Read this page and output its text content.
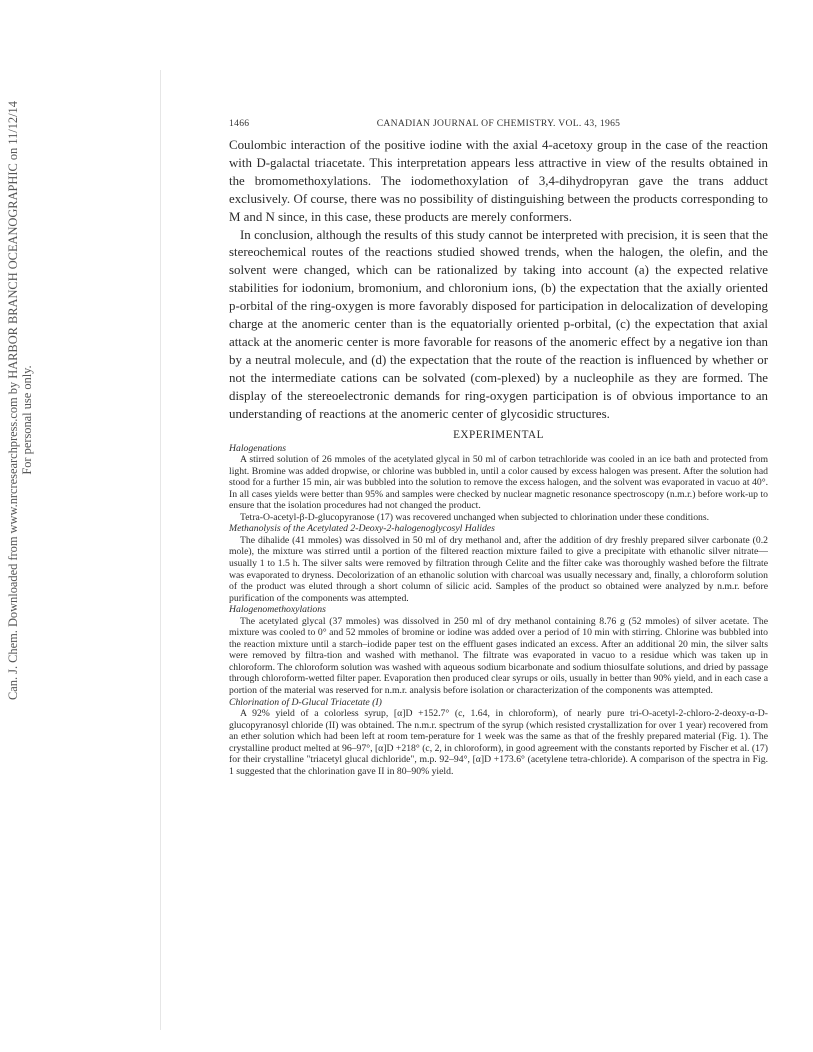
Can. J. Chem. Downloaded from www.nrcresearchpress.com by HARBOR BRANCH OCEANOGRAPHIC on 11/12/14 For personal use only.
1466	CANADIAN JOURNAL OF CHEMISTRY. VOL. 43, 1965

Coulombic interaction of the positive iodine with the axial 4-acetoxy group in the case of the reaction with D-galactal triacetate. This interpretation appears less attractive in view of the results obtained in the bromomethoxylations. The iodomethoxylation of 3,4-dihydropyran gave the trans adduct exclusively. Of course, there was no possibility of distinguishing between the products corresponding to M and N since, in this case, these products are merely conformers.

In conclusion, although the results of this study cannot be interpreted with precision, it is seen that the stereochemical routes of the reactions studied showed trends, when the halogen, the olefin, and the solvent were changed, which can be rationalized by taking into account (a) the expected relative stabilities for iodonium, bromonium, and chloronium ions, (b) the expectation that the axially oriented p-orbital of the ring-oxygen is more favorably disposed for participation in delocalization of developing charge at the anomeric center than is the equatorially oriented p-orbital, (c) the expectation that axial attack at the anomeric center is more favorable for reasons of the anomeric effect by a negative ion than by a neutral molecule, and (d) the expectation that the route of the reaction is influenced by whether or not the intermediate cations can be solvated (com-plexed) by a nucleophile as they are formed. The display of the stereoelectronic demands for ring-oxygen participation is of obvious importance to an understanding of reactions at the anomeric center of glycosidic structures.

EXPERIMENTAL

Halogenations

A stirred solution of 26 mmoles of the acetylated glycal in 50 ml of carbon tetrachloride was cooled in an ice bath and protected from light. Bromine was added dropwise, or chlorine was bubbled in, until a color caused by excess halogen was present. After the solution had stood for a further 15 min, air was bubbled into the solution to remove the excess halogen, and the solvent was evaporated in vacuo at 40°. In all cases yields were better than 95% and samples were checked by nuclear magnetic resonance spectroscopy (n.m.r.) before work-up to ensure that the isolation procedures had not changed the product.

Tetra-O-acetyl-β-D-glucopyranose (17) was recovered unchanged when subjected to chlorination under these conditions.

Methanolysis of the Acetylated 2-Deoxy-2-halogenoglycosyl Halides

The dihalide (41 mmoles) was dissolved in 50 ml of dry methanol and, after the addition of dry freshly prepared silver carbonate (0.2 mole), the mixture was stirred until a portion of the filtered reaction mixture failed to give a precipitate with ethanolic silver nitrate—usually 1 to 1.5 h. The silver salts were removed by filtration through Celite and the filter cake was thoroughly washed before the filtrate was evaporated to dryness. Decolorization of an ethanolic solution with charcoal was usually necessary and, finally, a chloroform solution of the product was eluted through a short column of silicic acid. Samples of the product so obtained were analyzed by n.m.r. before purification of the components was attempted.

Halogenomethoxylations

The acetylated glycal (37 mmoles) was dissolved in 250 ml of dry methanol containing 8.76 g (52 mmoles) of silver acetate. The mixture was cooled to 0° and 52 mmoles of bromine or iodine was added over a period of 10 min with stirring. Chlorine was bubbled into the reaction mixture until a starch–iodide paper test on the effluent gases indicated an excess. After an additional 20 min, the silver salts were removed by filtra-tion and washed with methanol. The filtrate was evaporated in vacuo to a residue which was taken up in chloroform. The chloroform solution was washed with aqueous sodium bicarbonate and sodium thiosulfate solutions, and dried by passage through chloroform-wetted filter paper. Evaporation then produced clear syrups or oils, usually in better than 90% yield, and in each case a portion of the material was reserved for n.m.r. analysis before isolation or characterization of the components was attempted.

Chlorination of D-Glucal Triacetate (I)

A 92% yield of a colorless syrup, [α]D +152.7° (c, 1.64, in chloroform), of nearly pure tri-O-acetyl-2-chloro-2-deoxy-α-D-glucopyranosyl chloride (II) was obtained. The n.m.r. spectrum of the syrup (which resisted crystallization for over 1 year) recovered from an ether solution which had been left at room tem-perature for 1 week was the same as that of the freshly prepared material (Fig. 1). The crystalline product melted at 96–97°, [α]D +218° (c, 2, in chloroform), in good agreement with the constants reported by Fischer et al. (17) for their crystalline "triacetyl glucal dichloride", m.p. 92–94°, [α]D +173.6° (acetylene tetra-chloride). A comparison of the spectra in Fig. 1 suggested that the chlorination gave II in 80–90% yield.
